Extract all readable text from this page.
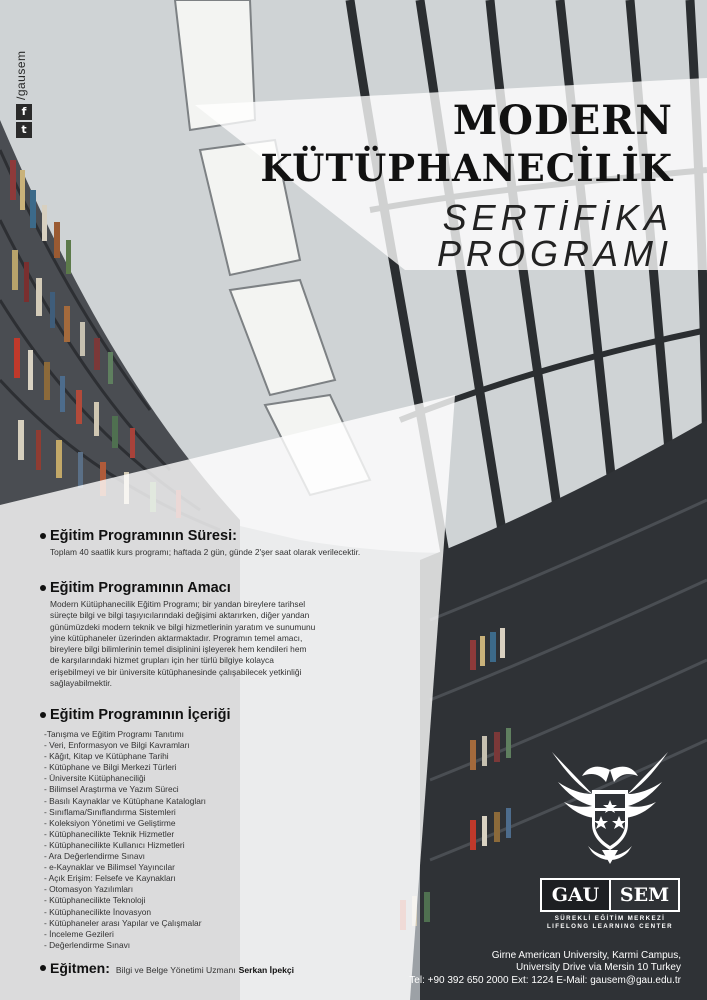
f
t
/gausem
MODERN
KÜTÜPHANECİLİK
SERTİFİKA
PROGRAMI
Eğitim Programının Süresi:
Toplam 40 saatlik kurs programı; haftada 2 gün, günde 2'şer saat olarak verilecektir.
Eğitim Programının Amacı
Modern Kütüphanecilik Eğitim Programı; bir yandan bireylere tarihsel
süreçte bilgi ve bilgi taşıyıcılarındaki değişimi aktarırken, diğer yandan
günümüzdeki modern teknik ve bilgi hizmetlerinin yaratım ve sunumunu
yine kütüphaneler üzerinden aktarmaktadır. Programın temel amacı,
bireylere bilgi bilimlerinin temel disiplinini işleyerek hem kendileri hem
de karşılarındaki hizmet grupları için her türlü bilgiye kolayca
erişebilmeyi ve bir üniversite kütüphanesinde çalışabilecek yetkinliği
sağlayabilmektir.
Eğitim Programının İçeriği
-Tanışma ve Eğitim Programı Tanıtımı
- Veri, Enformasyon ve Bilgi Kavramları
- Kâğıt, Kitap ve Kütüphane Tarihi
- Kütüphane ve Bilgi Merkezi Türleri
- Üniversite Kütüphaneciliği
- Bilimsel Araştırma ve Yazım Süreci
- Basılı Kaynaklar ve Kütüphane Katalogları
- Sınıflama/Sınıflandırma Sistemleri
- Koleksiyon Yönetimi ve Geliştirme
- Kütüphanecilikte Teknik Hizmetler
- Kütüphanecilikte Kullanıcı Hizmetleri
- Ara Değerlendirme Sınavı
- e-Kaynaklar ve Bilimsel Yayıncılar
- Açık Erişim: Felsefe ve Kaynakları
- Otomasyon Yazılımları
- Kütüphanecilikte Teknoloji
- Kütüphanecilikte İnovasyon
- Kütüphaneler arası Yapılar ve Çalışmalar
- İnceleme Gezileri
- Değerlendirme Sınavı
Eğitmen: Bilgi ve Belge Yönetimi Uzmanı Serkan İpekçi
GAU	SEM
SÜREKLİ EĞİTİM MERKEZİ
LIFELONG LEARNING CENTER
Girne American University, Karmi Campus,
University Drive via Mersin 10 Turkey
Tel: +90 392 650 2000 Ext: 1224 E-Mail: gausem@gau.edu.tr
